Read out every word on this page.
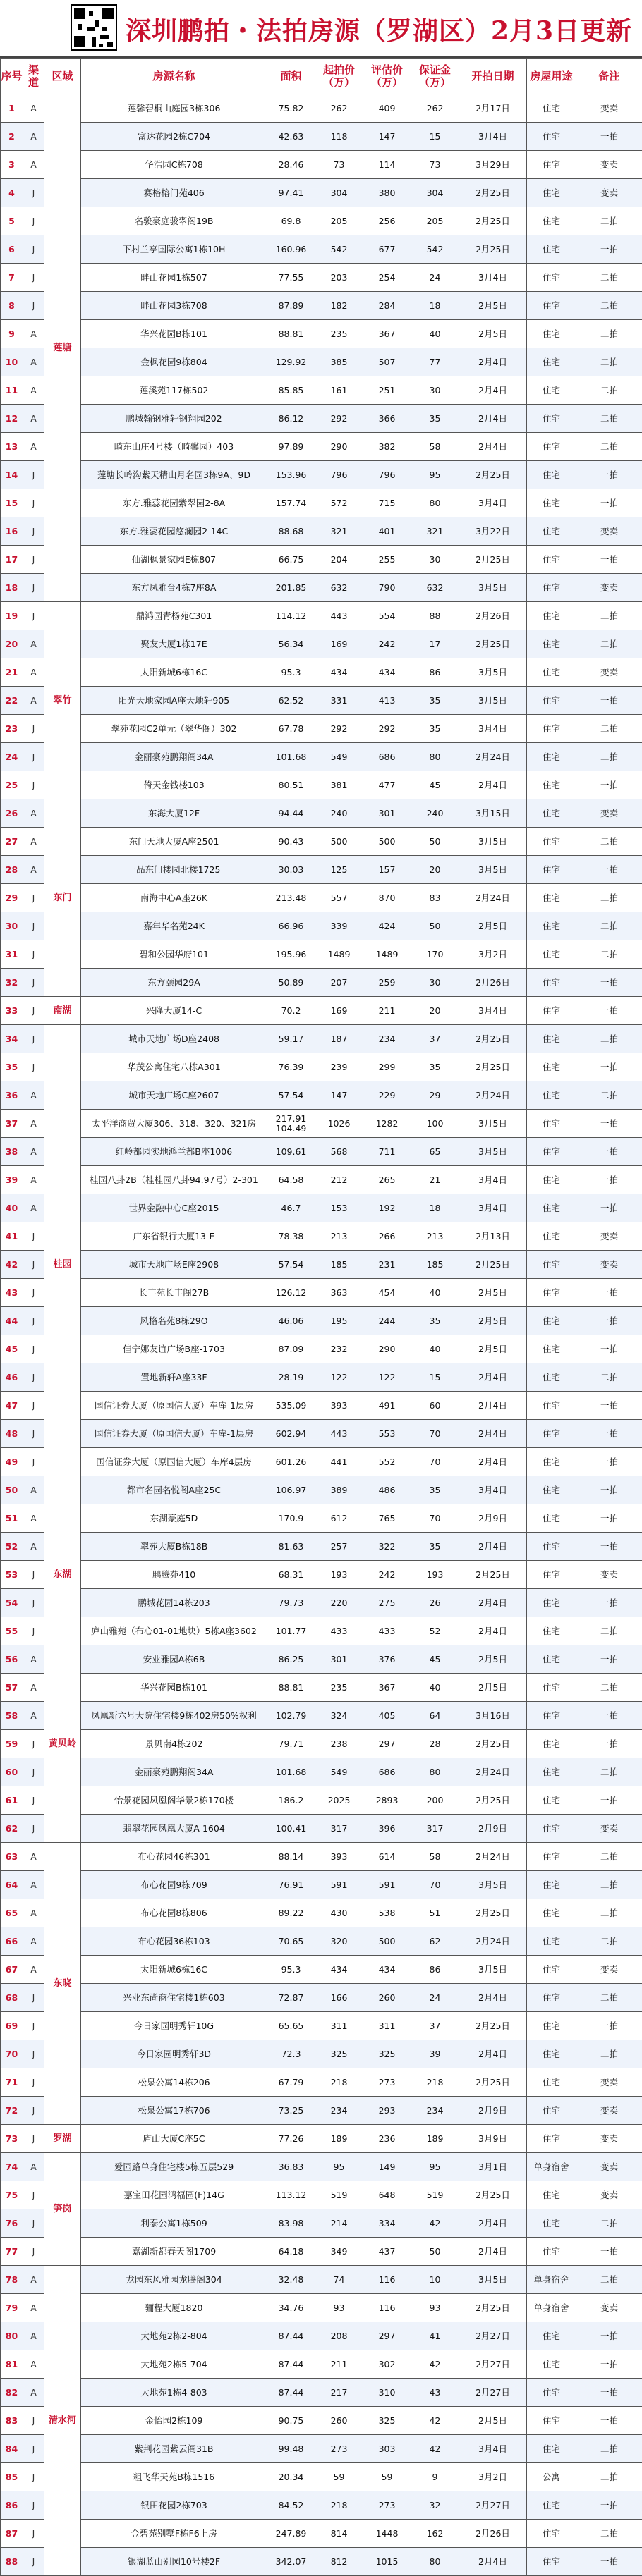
深圳鹏拍・法拍房源（罗湖区）2月3日更新
序号	渠道	区域	房源名称	面积	起拍价（万）	评估价（万）	保证金（万）	开拍日期	房屋用途	备注
1	A	莲塘	莲馨碧桐山庭园3栋306	75.82	262	409	262	2月17日	住宅	变卖
2	A		富达花园2栋C704	42.63	118	147	15	3月4日	住宅	一拍
3	A		华浩园C栋708	28.46	73	114	73	3月29日	住宅	变卖
4	J		赛格榕门苑406	97.41	304	380	304	2月25日	住宅	变卖
5	J		名骏豪庭骏翠阁19B	69.8	205	256	205	2月25日	住宅	二拍
6	J		下村兰亭国际公寓1栋10H	160.96	542	677	542	2月25日	住宅	一拍
7	J		畔山花园1栋507	77.55	203	254	24	3月4日	住宅	二拍
8	J		畔山花园3栋708	87.89	182	284	18	2月5日	住宅	二拍
9	A		华兴花园B栋101	88.81	235	367	40	2月5日	住宅	二拍
10	A		金枫花园9栋804	129.92	385	507	77	2月4日	住宅	二拍
11	A		莲溪苑117栋502	85.85	161	251	30	2月4日	住宅	二拍
12	A		鹏城翰钢雅轩钢翔园202	86.12	292	366	35	2月4日	住宅	二拍
13	A		畸东山庄4号楼（畸馨园）403	97.89	290	382	58	2月4日	住宅	二拍
14	J		莲塘长岭沟紫天精山月名园3栋9A、9D	153.96	796	796	95	2月25日	住宅	一拍
15	J		东方.雅蕊花园紫翠园2-8A	157.74	572	715	80	3月4日	住宅	一拍
16	J		东方.雅蕊花园悠澜园2-14C	88.68	321	401	321	3月22日	住宅	变卖
17	J		仙湖枫景家园E栋807	66.75	204	255	30	2月25日	住宅	一拍
18	J		东方凤雅台4栋7座8A	201.85	632	790	632	3月5日	住宅	变卖
19	J	翠竹	鼎鸿园青杨苑C301	114.12	443	554	88	2月26日	住宅	二拍
20	A		聚友大厦1栋17E	56.34	169	242	17	2月25日	住宅	二拍
21	A		太阳新城6栋16C	95.3	434	434	86	3月5日	住宅	变卖
22	A		阳光天地家园A座天地轩905	62.52	331	413	35	3月5日	住宅	一拍
23	J		翠苑花园C2单元（翠华阁）302	67.78	292	292	35	3月4日	住宅	二拍
24	J		金丽豪苑鹏翔阁34A	101.68	549	686	80	2月24日	住宅	二拍
25	J		倚天金钱楼103	80.51	381	477	45	2月4日	住宅	一拍
26	A	东门	东海大厦12F	94.44	240	301	240	3月15日	住宅	变卖
27	A		东门天地大厦A座2501	90.43	500	500	50	3月5日	住宅	二拍
28	A		一品东门楼园北楼1725	30.03	125	157	20	3月5日	住宅	一拍
29	J		南海中心A座26K	213.48	557	870	83	2月24日	住宅	二拍
30	J		嘉年华名苑24K	66.96	339	424	50	2月5日	住宅	二拍
31	J		碧和公园华府101	195.96	1489	1489	170	3月2日	住宅	二拍
32	J		东方颐园29A	50.89	207	259	30	2月26日	住宅	一拍
33	J	南湖	兴隆大厦14-C	70.2	169	211	20	3月4日	住宅	一拍
34	J	桂园	城市天地广场D座2408	59.17	187	234	37	2月25日	住宅	二拍
35	J		华茂公寓住宅八栋A301	76.39	239	299	35	2月25日	住宅	一拍
36	A		城市天地广场C座2607	57.54	147	229	29	2月24日	住宅	二拍
37	A		太平洋商贸大厦306、318、320、321房	217.91 104.49	1026	1282	100	3月5日	住宅	一拍
38	A		红岭都园实地鸿兰都B座1006	109.61	568	711	65	3月5日	住宅	一拍
39	A		桂园八卦2B（桂桂园八卦94.97号）2-301	64.58	212	265	21	3月4日	住宅	一拍
40	A		世界金融中心C座2015	46.7	153	192	18	3月4日	住宅	一拍
41	J		广东省银行大厦13-E	78.38	213	266	213	2月13日	住宅	变卖
42	J		城市天地广场E座2908	57.54	185	231	185	2月25日	住宅	变卖
43	J		长丰苑长丰阁27B	126.12	363	454	40	2月5日	住宅	一拍
44	J		风格名苑8栋29O	46.06	195	244	35	2月5日	住宅	一拍
45	J		佳宁娜友谊广场B座-1703	87.09	232	290	40	2月5日	住宅	一拍
46	J		置地新轩A座33F	28.19	122	122	15	2月4日	住宅	二拍
47	J		国信证券大厦（原国信大厦）车库-1层房	535.09	393	491	60	2月4日	住宅	一拍
48	J		国信证券大厦（原国信大厦）车库-1层房	602.94	443	553	70	2月4日	住宅	一拍
49	J		国信证券大厦（原国信大厦）车库4层房	601.26	441	552	70	2月4日	住宅	一拍
50	A		都市名园名悦阁A座25C	106.97	389	486	35	3月4日	住宅	一拍
51	A	东湖	东湖豪庭5D	170.9	612	765	70	2月9日	住宅	一拍
52	A		翠苑大厦B栋18B	81.63	257	322	35	2月4日	住宅	一拍
53	J		鹏腾苑410	68.31	193	242	193	2月25日	住宅	变卖
54	J		鹏城花园14栋203	79.73	220	275	26	2月4日	住宅	一拍
55	J		庐山雅苑（布心01-01地块）5栋A座3602	101.77	433	433	52	2月4日	住宅	二拍
56	A	黄贝岭	安业雅园A栋6B	86.25	301	376	45	2月5日	住宅	一拍
57	A		华兴花园B栋101	88.81	235	367	40	2月5日	住宅	二拍
58	A		凤凰新六号大院住宅楼9栋402房50%权利	102.79	324	405	64	3月16日	住宅	一拍
59	J		景贝南4栋202	79.71	238	297	28	2月25日	住宅	一拍
60	J		金丽豪苑鹏翔阁34A	101.68	549	686	80	2月24日	住宅	二拍
61	J		怡景花园凤凰阁华景2栋170楼	186.2	2025	2893	200	2月25日	住宅	一拍
62	J		翡翠花园凤凰大厦A-1604	100.41	317	396	317	2月9日	住宅	变卖
63	A	东晓	布心花园46栋301	88.14	393	614	58	2月24日	住宅	二拍
64	A		布心花园9栋709	76.91	591	591	70	3月5日	住宅	二拍
65	A		布心花园8栋806	89.22	430	538	51	2月25日	住宅	二拍
66	A		布心花园36栋103	70.65	320	500	62	2月24日	住宅	二拍
67	A		太阳新城6栋16C	95.3	434	434	86	3月5日	住宅	变卖
68	J		兴业东尚商住宅楼1栋603	72.87	166	260	24	2月4日	住宅	二拍
69	J		今日家园明秀轩10G	65.65	311	311	37	2月25日	住宅	一拍
70	J		今日家园明秀轩3D	72.3	325	325	39	2月4日	住宅	二拍
71	J		松泉公寓14栋206	67.79	218	273	218	2月25日	住宅	变卖
72	J		松泉公寓17栋706	73.25	234	293	234	2月9日	住宅	变卖
73	J	罗湖	庐山大厦C座5C	77.26	189	236	189	3月9日	住宅	变卖
74	A	笋岗	爱园路单身住宅楼5栋五层529	36.83	95	149	95	3月1日	单身宿舍	变卖
75	J		嘉宝田花园鸿福园(F)14G	113.12	519	648	519	2月25日	住宅	变卖
76	J		利泰公寓1栋509	83.98	214	334	42	2月4日	住宅	二拍
77	J		嘉湖新都春天阁1709	64.18	349	437	50	2月4日	住宅	一拍
78	A	清水河	龙园东风雅园龙腾阁304	32.48	74	116	10	3月5日	单身宿舍	二拍
79	A		骊程大厦1820	34.76	93	116	93	2月25日	单身宿舍	变卖
80	A		大地苑2栋2-804	87.44	208	297	41	2月27日	住宅	一拍
81	A		大地苑2栋5-704	87.44	211	302	42	2月27日	住宅	一拍
82	A		大地苑1栋4-803	87.44	217	310	43	2月27日	住宅	一拍
83	J		金怡园2栋109	90.75	260	325	42	2月5日	住宅	一拍
84	J		紫荆花园紫云阁31B	99.48	273	303	42	3月4日	住宅	二拍
85	J		粗飞华天苑B栋1516	20.34	59	59	9	3月2日	公寓	二拍
86	J		银田花园2栋703	84.52	218	273	32	2月27日	住宅	一拍
87	J		金碧苑别墅F栋F6上房	247.89	814	1448	162	2月26日	住宅	二拍
88	J		银湖蓝山别园10号楼2F	342.07	812	1015	80	2月4日	住宅	一拍
